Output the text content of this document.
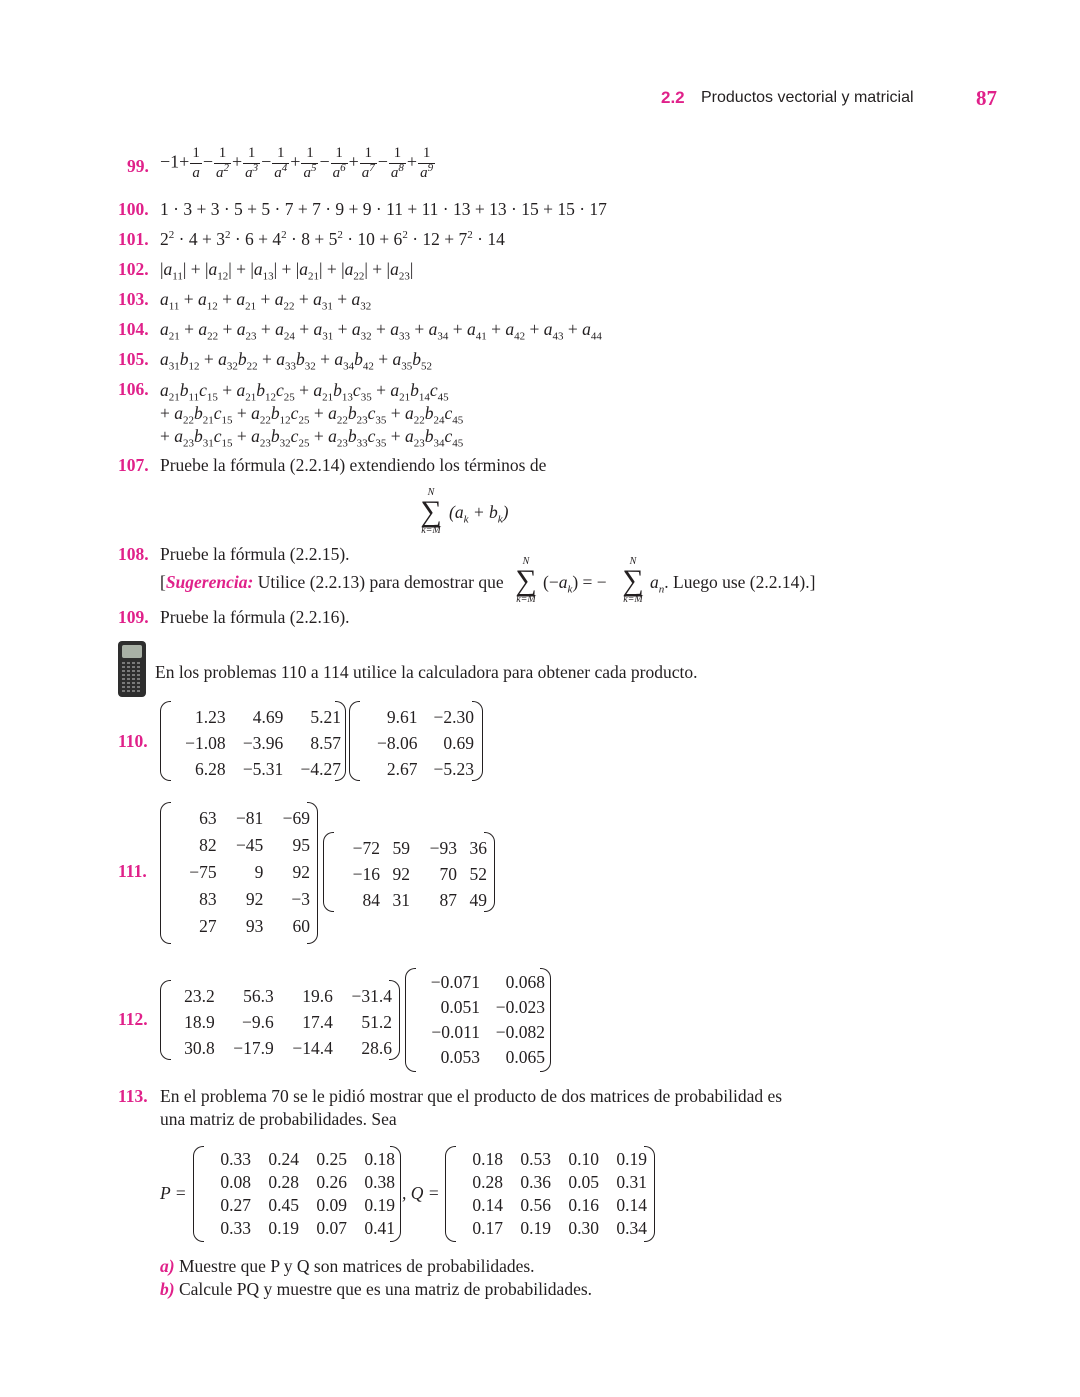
2.2 Productos vectorial y matricial	87
99. $-1+ \frac{1}{a} - \frac{1}{a^2} + \frac{1}{a^3} - \frac{1}{a^4} + \frac{1}{a^5} - \frac{1}{a^6} + \frac{1}{a^7} - \frac{1}{a^8} + \frac{1}{a^9}$
100. 1 · 3 + 3 · 5 + 5 · 7 + 7 · 9 + 9 · 11 + 11 · 13 + 13 · 15 + 15 · 17
101. $2^2 \cdot 4 + 3^2 \cdot 6 + 4^2 \cdot 8 + 5^2 \cdot 10 + 6^2 \cdot 12 + 7^2 \cdot 14$
102. $|a_{11}| + |a_{12}| + |a_{13}| + |a_{21}| + |a_{22}| + |a_{23}|$
103. $a_{11} + a_{12} + a_{21} + a_{22} + a_{31} + a_{32}$
104. $a_{21} + a_{22} + a_{23} + a_{24} + a_{31} + a_{32} + a_{33} + a_{34} + a_{41} + a_{42} + a_{43} + a_{44}$
105. $a_{31}b_{12} + a_{32}b_{22} + a_{33}b_{32} + a_{34}b_{42} + a_{35}b_{52}$
106. $a_{21}b_{11}c_{15} + a_{21}b_{12}c_{25} + a_{21}b_{13}c_{35} + a_{21}b_{14}c_{45}$
+ $a_{22}b_{21}c_{15} + a_{22}b_{12}c_{25} + a_{22}b_{23}c_{35} + a_{22}b_{24}c_{45}$
+ $a_{23}b_{31}c_{15} + a_{23}b_{32}c_{25} + a_{23}b_{33}c_{35} + a_{23}b_{34}c_{45}$
107. Pruebe la fórmula (2.2.14) extendiendo los términos de
N
∑
k=M
$(a_k + b_k)$
108. Pruebe la fórmula (2.2.15).
[Sugerencia: Utilice (2.2.13) para demostrar que
N
∑
k=M
$(-a_k)$ = −
N
∑
k=M
$a_n$. Luego use (2.2.14).]
109. Pruebe la fórmula (2.2.16).
En los problemas 110 a 114 utilice la calculadora para obtener cada producto.
110.
1.23	4.69	5.21
−1.08	−3.96	8.57
6.28	−5.31	−4.27
9.61	−2.30
−8.06	0.69
2.67	−5.23
111.
63	−81	−69
82	−45	95
−75	9	92
83	92	−3
27	93	60
−72	59	−93	36
−16	92	70	52
84	31	87	49
112.
23.2	56.3	19.6	−31.4
18.9	−9.6	17.4	51.2
30.8	−17.9	−14.4	28.6
−0.071	0.068
0.051	−0.023
−0.011	−0.082
0.053	0.065
113. En el problema 70 se le pidió mostrar que el producto de dos matrices de probabilidad es
una matriz de probabilidades. Sea
P =
0.33	0.24	0.25	0.18
0.08	0.28	0.26	0.38
0.27	0.45	0.09	0.19
0.33	0.19	0.07	0.41
, Q =
0.18	0.53	0.10	0.19
0.28	0.36	0.05	0.31
0.14	0.56	0.16	0.14
0.17	0.19	0.30	0.34
a) Muestre que P y Q son matrices de probabilidades.
b) Calcule PQ y muestre que es una matriz de probabilidades.
